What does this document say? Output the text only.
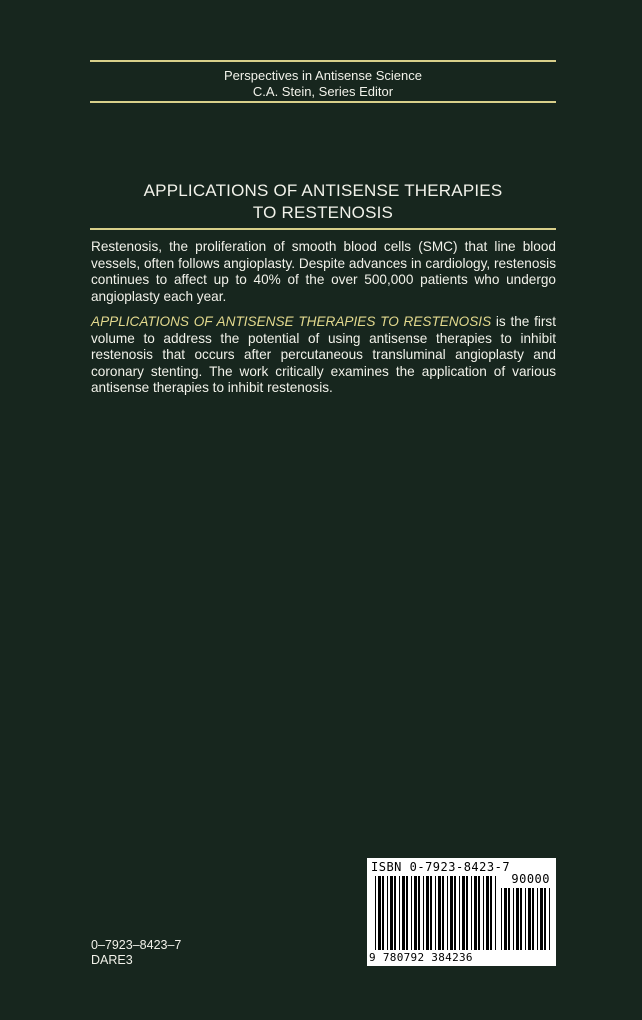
Perspectives in Antisense Science
C.A. Stein, Series Editor
APPLICATIONS OF ANTISENSE THERAPIES
TO RESTENOSIS
Restenosis, the proliferation of smooth blood cells (SMC) that line blood vessels, often follows angioplasty. Despite advances in cardiology, restenosis continues to affect up to 40% of the over 500,000 patients who undergo angioplasty each year.
APPLICATIONS OF ANTISENSE THERAPIES TO RESTENOSIS is the first volume to address the potential of using antisense therapies to inhibit restenosis that occurs after percutaneous transluminal angioplasty and coronary stenting. The work critically examines the application of various antisense therapies to inhibit restenosis.
ISBN 0-7923-8423-7
90000
9 780792 384236
0–7923–8423–7
DARE3
